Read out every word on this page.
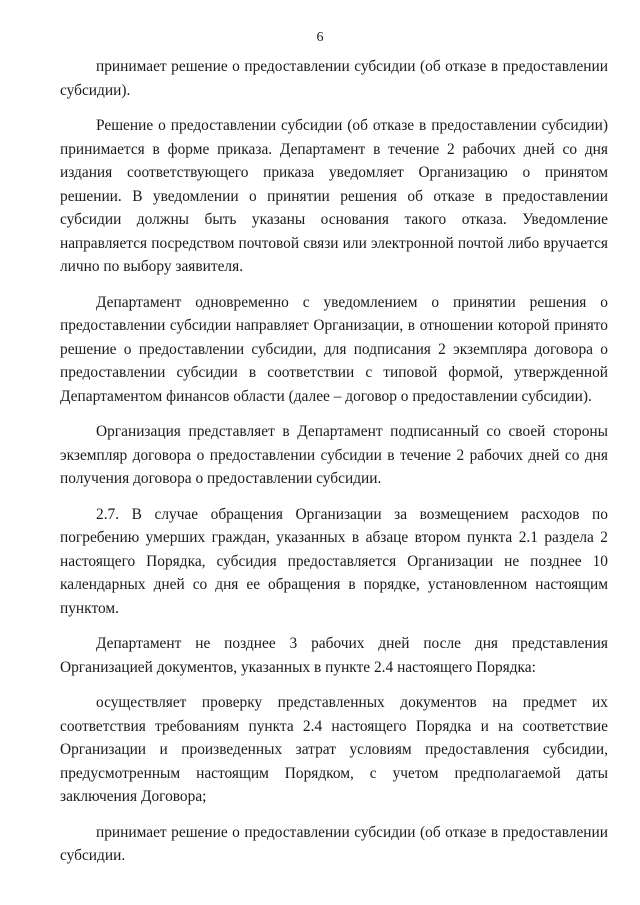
6

принимает решение о предоставлении субсидии (об отказе в предоставлении субсидии).

Решение о предоставлении субсидии (об отказе в предоставлении субсидии) принимается в форме приказа. Департамент в течение 2 рабочих дней со дня издания соответствующего приказа уведомляет Организацию о принятом решении. В уведомлении о принятии решения об отказе в предоставлении субсидии должны быть указаны основания такого отказа. Уведомление направляется посредством почтовой связи или электронной почтой либо вручается лично по выбору заявителя.

Департамент одновременно с уведомлением о принятии решения о предоставлении субсидии направляет Организации, в отношении которой принято решение о предоставлении субсидии, для подписания 2 экземпляра договора о предоставлении субсидии в соответствии с типовой формой, утвержденной Департаментом финансов области (далее – договор о предоставлении субсидии).

Организация представляет в Департамент подписанный со своей стороны экземпляр договора о предоставлении субсидии в течение 2 рабочих дней со дня получения договора о предоставлении субсидии.

2.7. В случае обращения Организации за возмещением расходов по погребению умерших граждан, указанных в абзаце втором пункта 2.1 раздела 2 настоящего Порядка, субсидия предоставляется Организации не позднее 10 календарных дней со дня ее обращения в порядке, установленном настоящим пунктом.

Департамент не позднее 3 рабочих дней после дня представления Организацией документов, указанных в пункте 2.4 настоящего Порядка:

осуществляет проверку представленных документов на предмет их соответствия требованиям пункта 2.4 настоящего Порядка и на соответствие Организации и произведенных затрат условиям предоставления субсидии, предусмотренным настоящим Порядком, с учетом предполагаемой даты заключения Договора;

принимает решение о предоставлении субсидии (об отказе в предоставлении субсидии.
